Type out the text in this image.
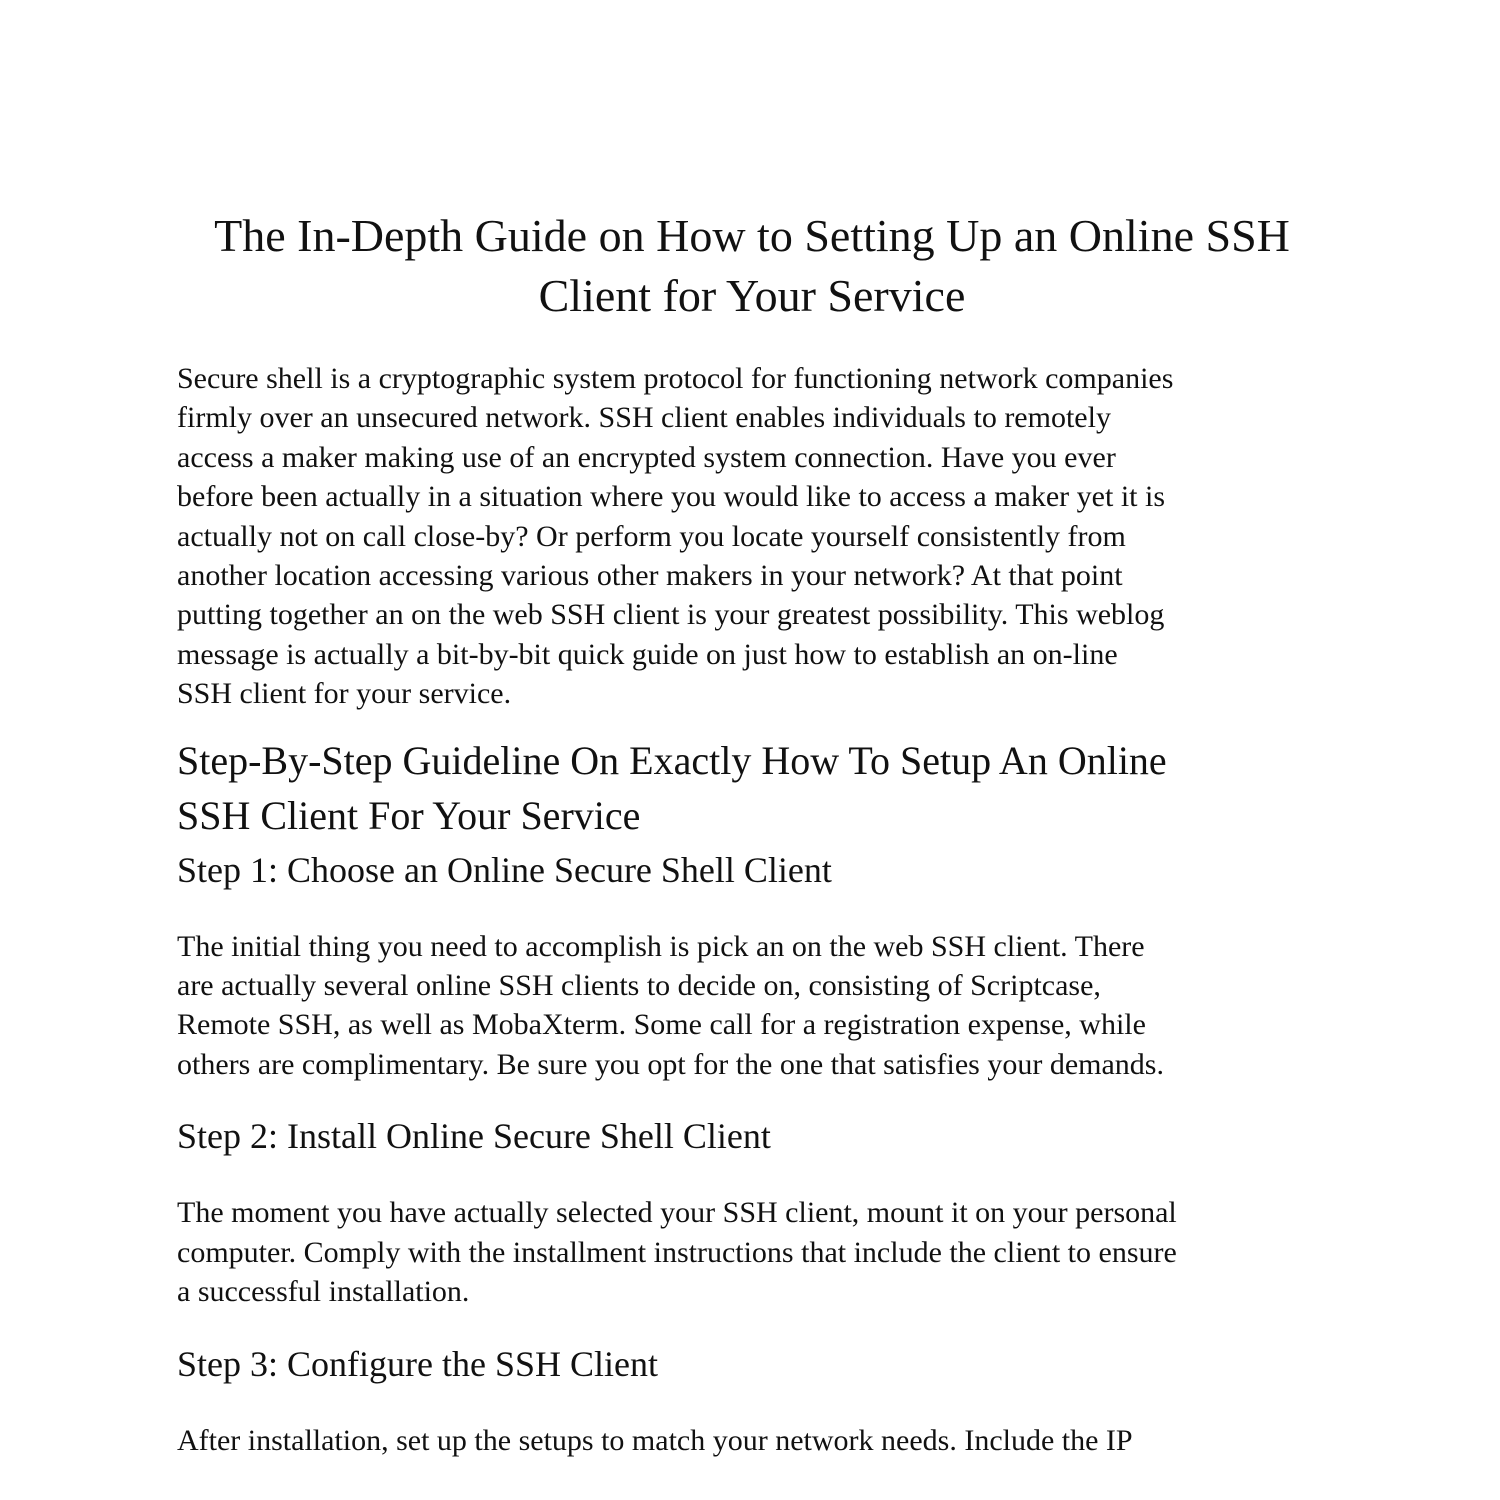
The In-Depth Guide on How to Setting Up an Online SSH
Client for Your Service

Secure shell is a cryptographic system protocol for functioning network companies
firmly over an unsecured network. SSH client enables individuals to remotely
access a maker making use of an encrypted system connection. Have you ever
before been actually in a situation where you would like to access a maker yet it is
actually not on call close-by? Or perform you locate yourself consistently from
another location accessing various other makers in your network? At that point
putting together an on the web SSH client is your greatest possibility. This weblog
message is actually a bit-by-bit quick guide on just how to establish an on-line
SSH client for your service.

Step-By-Step Guideline On Exactly How To Setup An Online
SSH Client For Your Service
Step 1: Choose an Online Secure Shell Client

The initial thing you need to accomplish is pick an on the web SSH client. There
are actually several online SSH clients to decide on, consisting of Scriptcase,
Remote SSH, as well as MobaXterm. Some call for a registration expense, while
others are complimentary. Be sure you opt for the one that satisfies your demands.

Step 2: Install Online Secure Shell Client

The moment you have actually selected your SSH client, mount it on your personal
computer. Comply with the installment instructions that include the client to ensure
a successful installation.

Step 3: Configure the SSH Client

After installation, set up the setups to match your network needs. Include the IP
